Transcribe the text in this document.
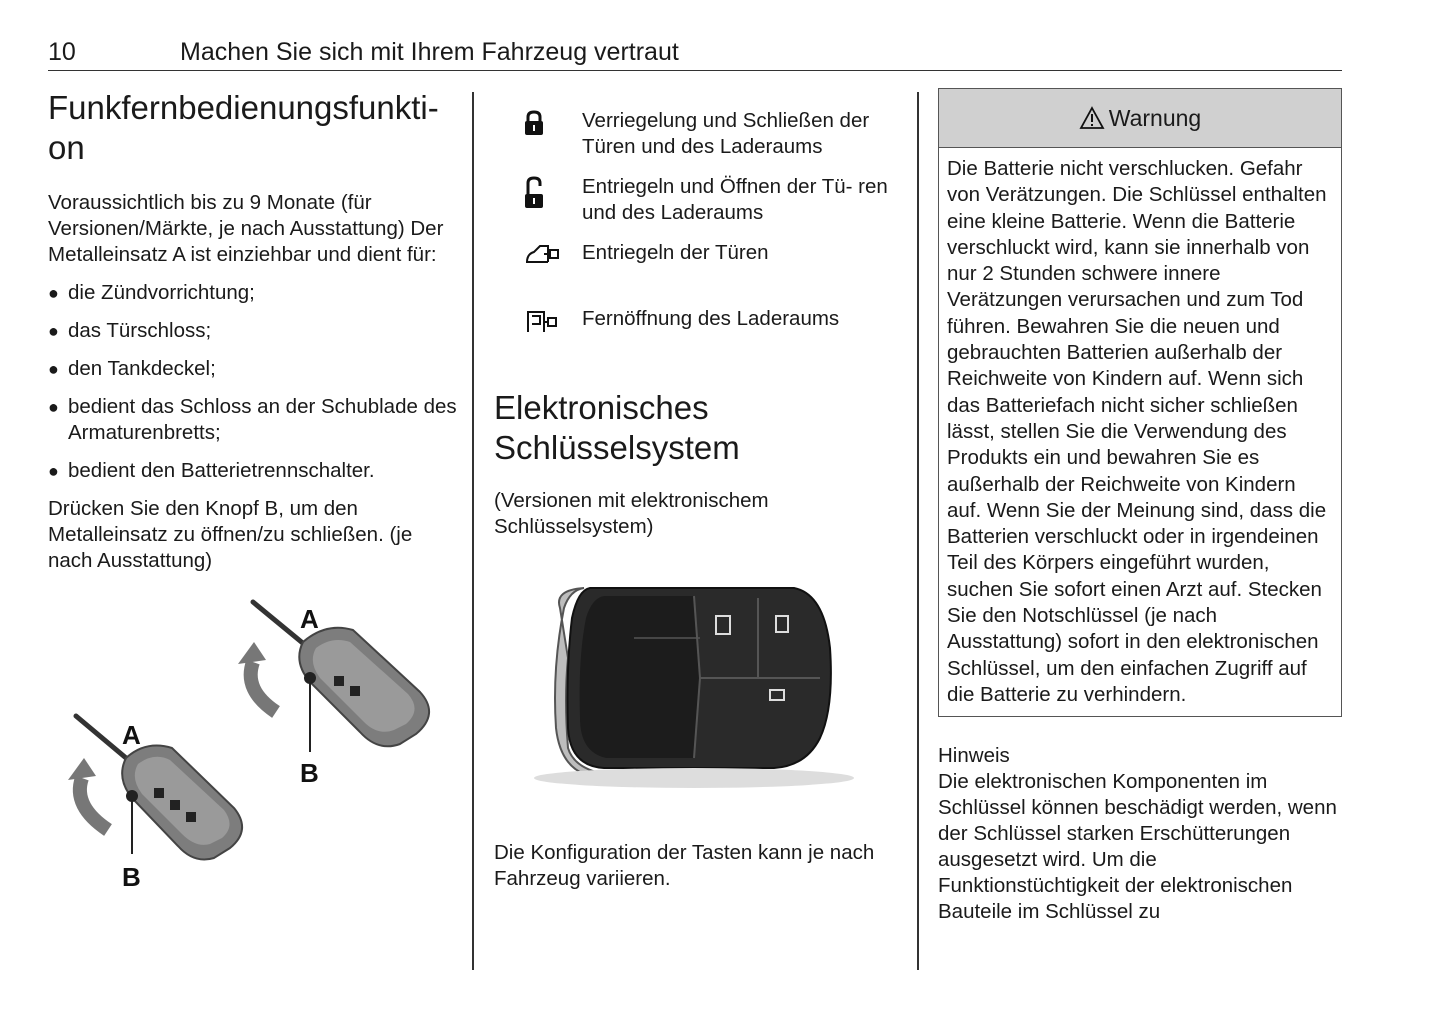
10	Machen Sie sich mit Ihrem Fahrzeug vertraut
Funkfernbedienungsfunkti-
on

Voraussichtlich bis zu 9 Monate (für Versionen/Märkte, je nach Ausstattung) Der Metalleinsatz A ist einziehbar und dient für:

● die Zündvorrichtung;
● das Türschloss;
● den Tankdeckel;
● bedient das Schloss an der Schublade des Armaturenbretts;
● bedient den Batterietrennschalter.

Drücken Sie den Knopf B, um den Metalleinsatz zu öffnen/zu schließen. (je nach Ausstattung)

A
B
A
B
Verriegelung und Schließen der Türen und des Laderaums
Entriegeln und Öffnen der Tü- ren und des Laderaums
Entriegeln der Türen
Fernöffnung des Laderaums
Elektronisches
Schlüsselsystem

(Versionen mit elektronischem Schlüsselsystem)

Die Konfiguration der Tasten kann je nach Fahrzeug variieren.

Warnung
Die Batterie nicht verschlucken. Gefahr von Verätzungen. Die Schlüssel enthalten eine kleine Batterie. Wenn die Batterie verschluckt wird, kann sie innerhalb von nur 2 Stunden schwere innere Verätzungen verursachen und zum Tod führen. Bewahren Sie die neuen und gebrauchten Batterien außerhalb der Reichweite von Kindern auf. Wenn sich das Batteriefach nicht sicher schließen lässt, stellen Sie die Verwendung des Produkts ein und bewahren Sie es außerhalb der Reichweite von Kindern auf. Wenn Sie der Meinung sind, dass die Batterien verschluckt oder in irgendeinen Teil des Körpers eingeführt wurden, suchen Sie sofort einen Arzt auf. Stecken Sie den Notschlüssel (je nach Ausstattung) sofort in den elektronischen Schlüssel, um den einfachen Zugriff auf die Batterie zu verhindern.
Hinweis
Die elektronischen Komponenten im Schlüssel können beschädigt werden, wenn der Schlüssel starken Erschütterungen ausgesetzt wird. Um die Funktionstüchtigkeit der elektronischen Bauteile im Schlüssel zu
